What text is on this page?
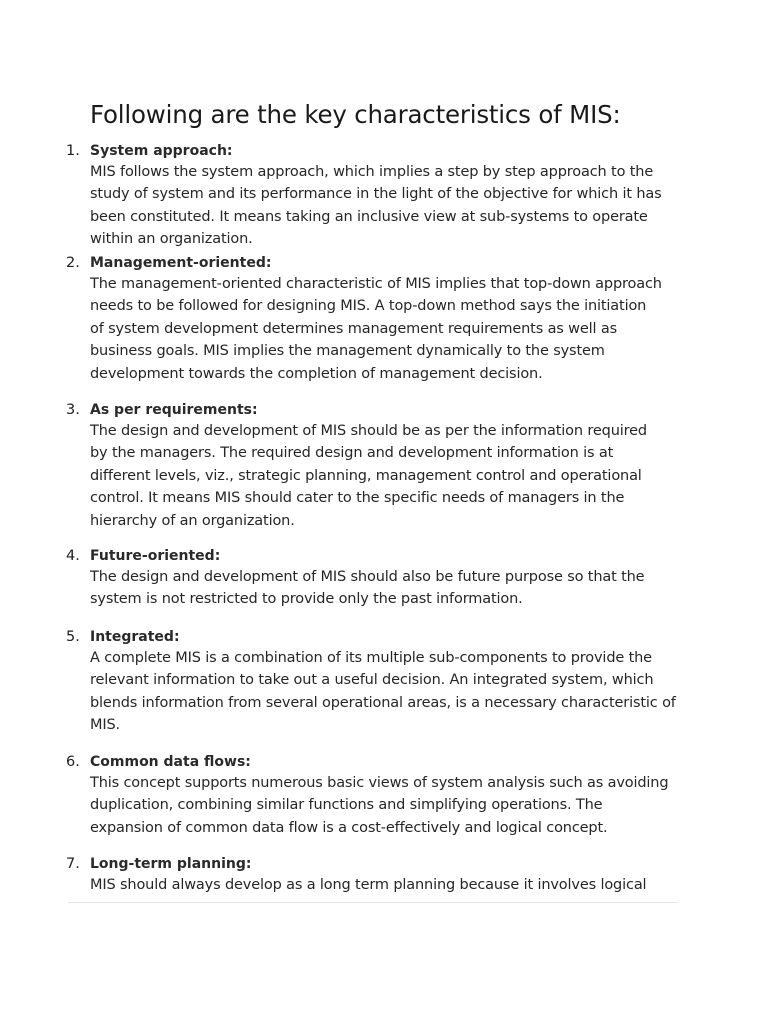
Following are the key characteristics of MIS:
1. System approach:
MIS follows the system approach, which implies a step by step approach to the
study of system and its performance in the light of the objective for which it has
been constituted. It means taking an inclusive view at sub-systems to operate
within an organization.
2. Management-oriented:
The management-oriented characteristic of MIS implies that top-down approach
needs to be followed for designing MIS. A top-down method says the initiation
of system development determines management requirements as well as
business goals. MIS implies the management dynamically to the system
development towards the completion of management decision.
3. As per requirements:
The design and development of MIS should be as per the information required
by the managers. The required design and development information is at
different levels, viz., strategic planning, management control and operational
control. It means MIS should cater to the specific needs of managers in the
hierarchy of an organization.
4. Future-oriented:
The design and development of MIS should also be future purpose so that the
system is not restricted to provide only the past information.
5. Integrated:
A complete MIS is a combination of its multiple sub-components to provide the
relevant information to take out a useful decision. An integrated system, which
blends information from several operational areas, is a necessary characteristic of
MIS.
6. Common data flows:
This concept supports numerous basic views of system analysis such as avoiding
duplication, combining similar functions and simplifying operations. The
expansion of common data flow is a cost-effectively and logical concept.
7. Long-term planning:
MIS should always develop as a long term planning because it involves logical
